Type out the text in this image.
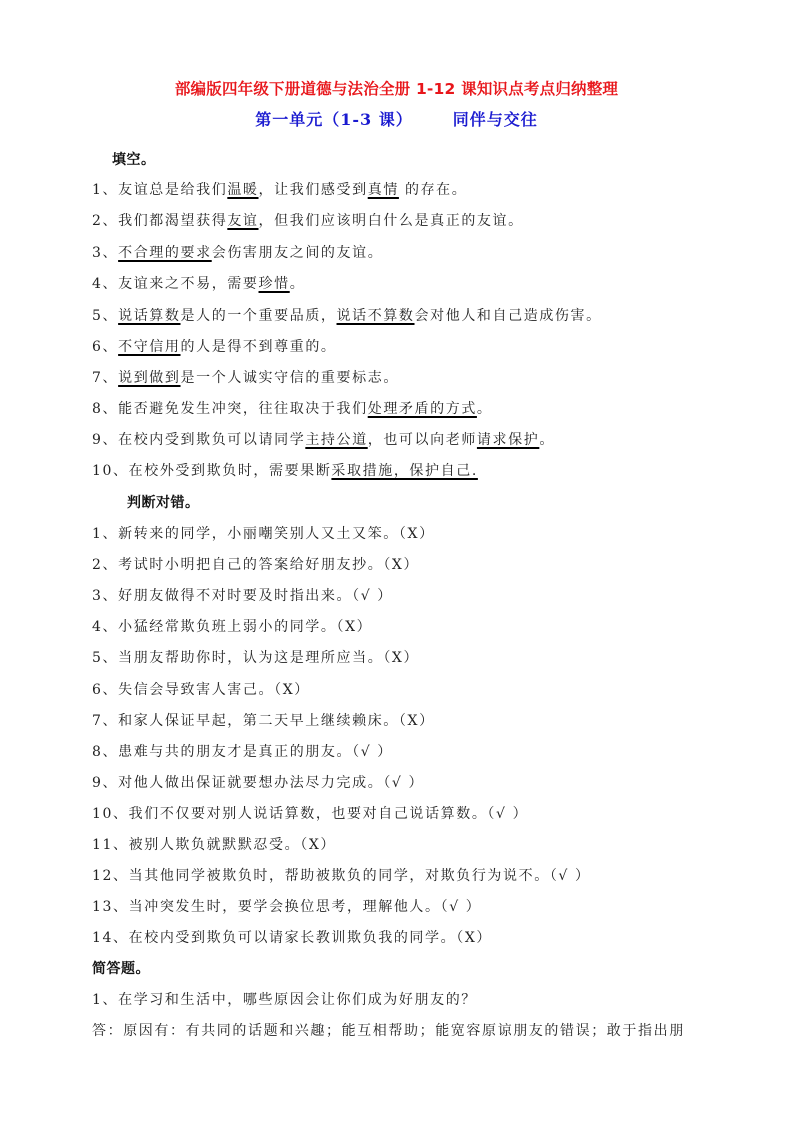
部编版四年级下册道德与法治全册 1-12 课知识点考点归纳整理
第一单元（1-3 课）	同伴与交往
填空。
1、友谊总是给我们温暖，让我们感受到真情 的存在。
2、我们都渴望获得友谊，但我们应该明白什么是真正的友谊。
3、不合理的要求会伤害朋友之间的友谊。
4、友谊来之不易，需要珍惜。
5、说话算数是人的一个重要品质，说话不算数会对他人和自己造成伤害。
6、不守信用的人是得不到尊重的。
7、说到做到是一个人诚实守信的重要标志。
8、能否避免发生冲突，往往取决于我们处理矛盾的方式。
9、在校内受到欺负可以请同学主持公道，也可以向老师请求保护。
10、在校外受到欺负时，需要果断采取措施，保护自己.
判断对错。
1、新转来的同学，小丽嘲笑别人又土又笨。（X）
2、考试时小明把自己的答案给好朋友抄。（X）
3、好朋友做得不对时要及时指出来。（√ ）
4、小猛经常欺负班上弱小的同学。（X）
5、当朋友帮助你时，认为这是理所应当。（X）
6、失信会导致害人害己。（X）
7、和家人保证早起，第二天早上继续赖床。（X）
8、患难与共的朋友才是真正的朋友。（√ ）
9、对他人做出保证就要想办法尽力完成。（√ ）
10、我们不仅要对别人说话算数，也要对自己说话算数。（√ ）
11、被别人欺负就默默忍受。（X）
12、当其他同学被欺负时，帮助被欺负的同学，对欺负行为说不。（√ ）
13、当冲突发生时，要学会换位思考，理解他人。（√ ）
14、在校内受到欺负可以请家长教训欺负我的同学。（X）
简答题。
1、在学习和生活中，哪些原因会让你们成为好朋友的？
答：原因有：有共同的话题和兴趣；能互相帮助；能宽容原谅朋友的错误；敢于指出朋
